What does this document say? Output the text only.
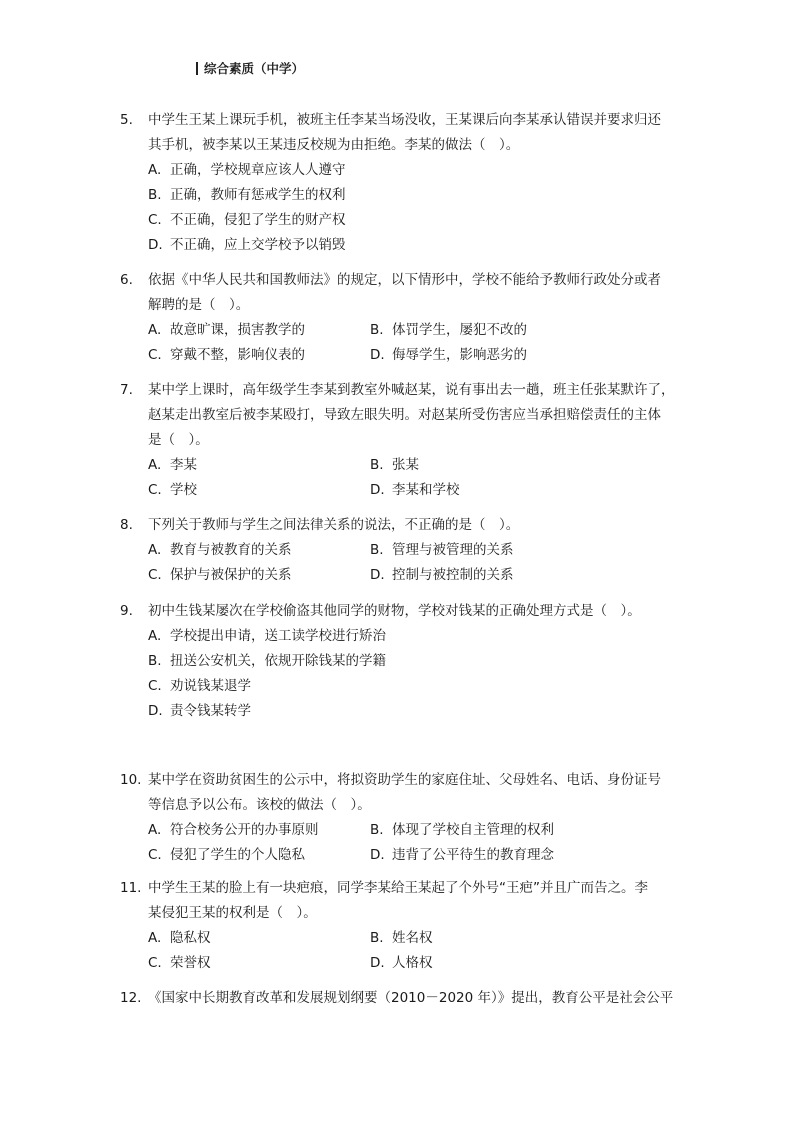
综合素质（中学）
5.	中学生王某上课玩手机，被班主任李某当场没收，王某课后向李某承认错误并要求归还
其手机，被李某以王某违反校规为由拒绝。李某的做法（　）。
A. 正确，学校规章应该人人遵守
B. 正确，教师有惩戒学生的权利
C. 不正确，侵犯了学生的财产权
D. 不正确，应上交学校予以销毁
6.	依据《中华人民共和国教师法》的规定，以下情形中，学校不能给予教师行政处分或者
解聘的是（　）。
A. 故意旷课，损害教学的	B. 体罚学生，屡犯不改的
C. 穿戴不整，影响仪表的	D. 侮辱学生，影响恶劣的
7.	某中学上课时，高年级学生李某到教室外喊赵某，说有事出去一趟，班主任张某默许了，
赵某走出教室后被李某殴打，导致左眼失明。对赵某所受伤害应当承担赔偿责任的主体
是（　）。
A. 李某	B. 张某
C. 学校	D. 李某和学校
8.	下列关于教师与学生之间法律关系的说法，不正确的是（　）。
A. 教育与被教育的关系	B. 管理与被管理的关系
C. 保护与被保护的关系	D. 控制与被控制的关系
9.	初中生钱某屡次在学校偷盗其他同学的财物，学校对钱某的正确处理方式是（　）。
A. 学校提出申请，送工读学校进行矫治
B. 扭送公安机关，依规开除钱某的学籍
C. 劝说钱某退学
D. 责令钱某转学
10. 某中学在资助贫困生的公示中，将拟资助学生的家庭住址、父母姓名、电话、身份证号
等信息予以公布。该校的做法（　）。
A. 符合校务公开的办事原则	B. 体现了学校自主管理的权利
C. 侵犯了学生的个人隐私	D. 违背了公平待生的教育理念
11. 中学生王某的脸上有一块疤痕，同学李某给王某起了个外号“王疤”并且广而告之。李
某侵犯王某的权利是（　）。
A. 隐私权	B. 姓名权
C. 荣誉权	D. 人格权
12. 《国家中长期教育改革和发展规划纲要（2010－2020 年）》提出，教育公平是社会公平
